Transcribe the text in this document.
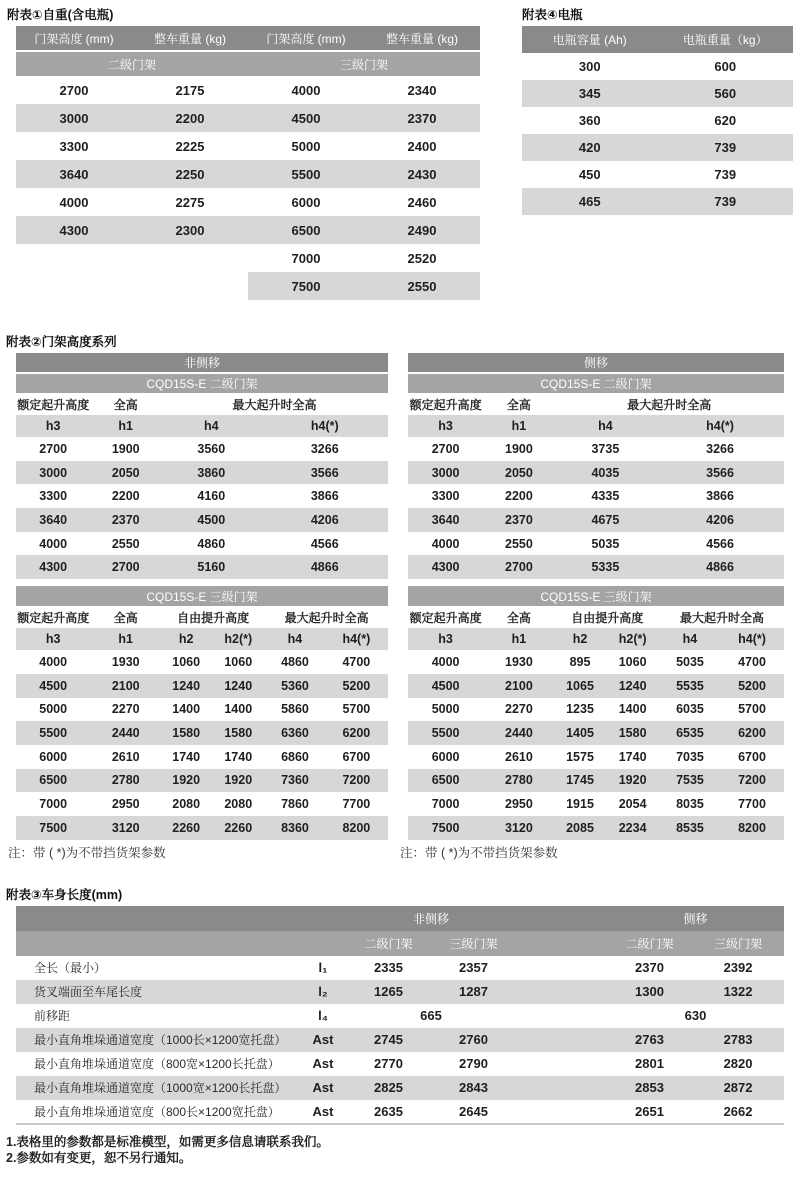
附表①自重(含电瓶)
门架高度 (mm)	整车重量 (kg)	门架高度 (mm)	整车重量 (kg)
二级门架		三级门架	
2700	2175	4000	2340
3000	2200	4500	2370
3300	2225	5000	2400
3640	2250	5500	2430
4000	2275	6000	2460
4300	2300	6500	2490
		7000	2520
		7500	2550
附表④电瓶
电瓶容量 (Ah)	电瓶重量（kg）
300	600
345	560
360	620
420	739
450	739
465	739
附表②门架高度系列
非侧移			
CQD15S-E 二级门架			
额定起升高度	全高	最大起升时全高	
h3	h1	h4	h4(*)
2700	1900	3560	3266
3000	2050	3860	3566
3300	2200	4160	3866
3640	2370	4500	4206
4000	2550	4860	4566
4300	2700	5160	4866
CQD15S-E 三级门架					
额定起升高度	全高	自由提升高度		最大起升时全高	
h3	h1	h2	h2(*)	h4	h4(*)
4000	1930	1060	1060	4860	4700
4500	2100	1240	1240	5360	5200
5000	2270	1400	1400	5860	5700
5500	2440	1580	1580	6360	6200
6000	2610	1740	1740	6860	6700
6500	2780	1920	1920	7360	7200
7000	2950	2080	2080	7860	7700
7500	3120	2260	2260	8360	8200
注：带 ( *)为不带挡货架参数
侧移			
CQD15S-E 二级门架			
额定起升高度	全高	最大起升时全高	
h3	h1	h4	h4(*)
2700	1900	3735	3266
3000	2050	4035	3566
3300	2200	4335	3866
3640	2370	4675	4206
4000	2550	5035	4566
4300	2700	5335	4866
CQD15S-E 三级门架					
额定起升高度	全高	自由提升高度		最大起升时全高	
h3	h1	h2	h2(*)	h4	h4(*)
4000	1930	895	1060	5035	4700
4500	2100	1065	1240	5535	5200
5000	2270	1235	1400	6035	5700
5500	2440	1405	1580	6535	6200
6000	2610	1575	1740	7035	6700
6500	2780	1745	1920	7535	7200
7000	2950	1915	2054	8035	7700
7500	3120	2085	2234	8535	8200
注：带 ( *)为不带挡货架参数
附表③车身长度(mm)
		非侧移			侧移	
		二级门架	三级门架		二级门架	三级门架
全长（最小）	l₁	2335	2357		2370	2392
货叉端面至车尾长度	l₂	1265	1287		1300	1322
前移距	l₄	665			630	
最小直角堆垛通道宽度（1000长×1200宽托盘）	Ast	2745	2760		2763	2783
最小直角堆垛通道宽度（800宽×1200长托盘）	Ast	2770	2790		2801	2820
最小直角堆垛通道宽度（1000宽×1200长托盘）	Ast	2825	2843		2853	2872
最小直角堆垛通道宽度（800长×1200宽托盘）	Ast	2635	2645		2651	2662
1.表格里的参数都是标准模型，如需更多信息请联系我们。
2.参数如有变更，恕不另行通知。
